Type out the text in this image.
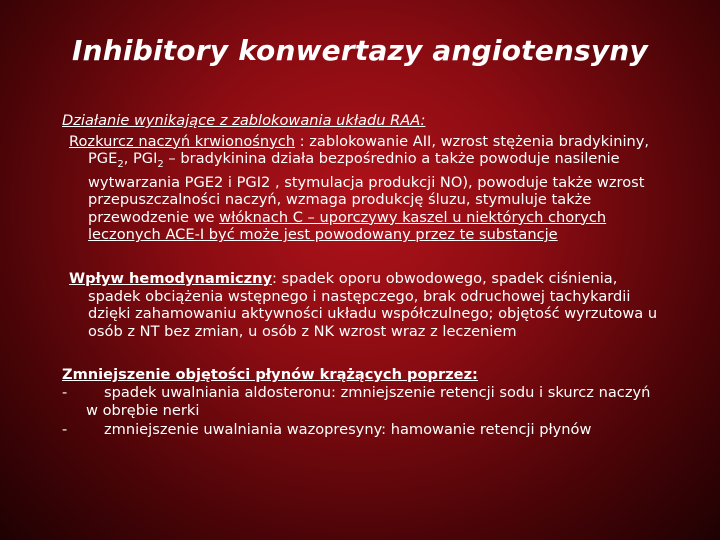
Inhibitory konwertazy angiotensyny

Działanie wynikające z zablokowania układu RAA:

Rozkurcz naczyń krwionośnych : zablokowanie AII, wzrost stężenia bradykininy, $PGE_2$, $PGI_2$ – bradykinina działa bezpośrednio a także powoduje nasilenie wytwarzania PGE2 i PGI2 , stymulacja produkcji NO), powoduje także wzrost przepuszczalności naczyń, wzmaga produkcję śluzu, stymuluje także przewodzenie we włóknach C – uporczywy kaszel u niektórych chorych leczonych ACE-I być może jest powodowany przez te substancje

Wpływ hemodynamiczny: spadek oporu obwodowego, spadek ciśnienia, spadek obciążenia wstępnego i następczego, brak odruchowej tachykardii dzięki zahamowaniu aktywności układu współczulnego; objętość wyrzutowa u osób z NT bez zmian, u osób z NK wzrost wraz z leczeniem

Zmniejszenie objętości płynów krążących poprzez:

-	spadek uwalniania aldosteronu: zmniejszenie retencji sodu i skurcz naczyń w obrębie nerki
-	zmniejszenie uwalniania wazopresyny: hamowanie retencji płynów
